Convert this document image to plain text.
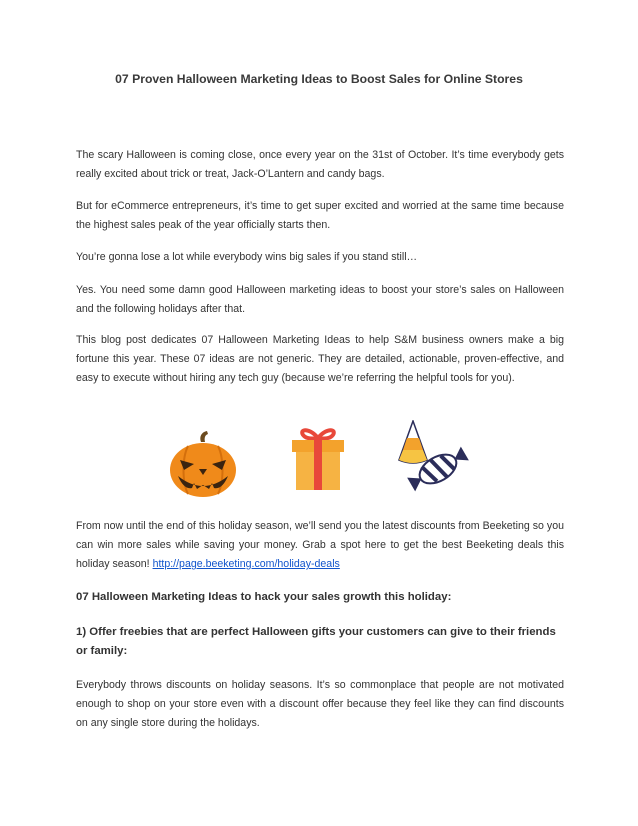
07 Proven Halloween Marketing Ideas to Boost Sales for Online Stores

The scary Halloween is coming close, once every year on the 31st of October. It’s time everybody gets really excited about trick or treat, Jack-O’Lantern and candy bags.

But for eCommerce entrepreneurs, it’s time to get super excited and worried at the same time because the highest sales peak of the year officially starts then.

You’re gonna lose a lot while everybody wins big sales if you stand still…

Yes. You need some damn good Halloween marketing ideas to boost your store’s sales on Halloween and the following holidays after that.

This blog post dedicates 07 Halloween Marketing Ideas to help S&M business owners make a big fortune this year. These 07 ideas are not generic. They are detailed, actionable, proven-effective, and easy to execute without hiring any tech guy (because we’re referring the helpful tools for you).

From now until the end of this holiday season, we’ll send you the latest discounts from Beeketing so you can win more sales while saving your money. Grab a spot here to get the best Beeketing deals this holiday season! http://page.beeketing.com/holiday-deals

07 Halloween Marketing Ideas to hack your sales growth this holiday:

1) Offer freebies that are perfect Halloween gifts your customers can give to their friends or family:

Everybody throws discounts on holiday seasons. It’s so commonplace that people are not motivated enough to shop on your store even with a discount offer because they feel like they can find discounts on any single store during the holidays.
